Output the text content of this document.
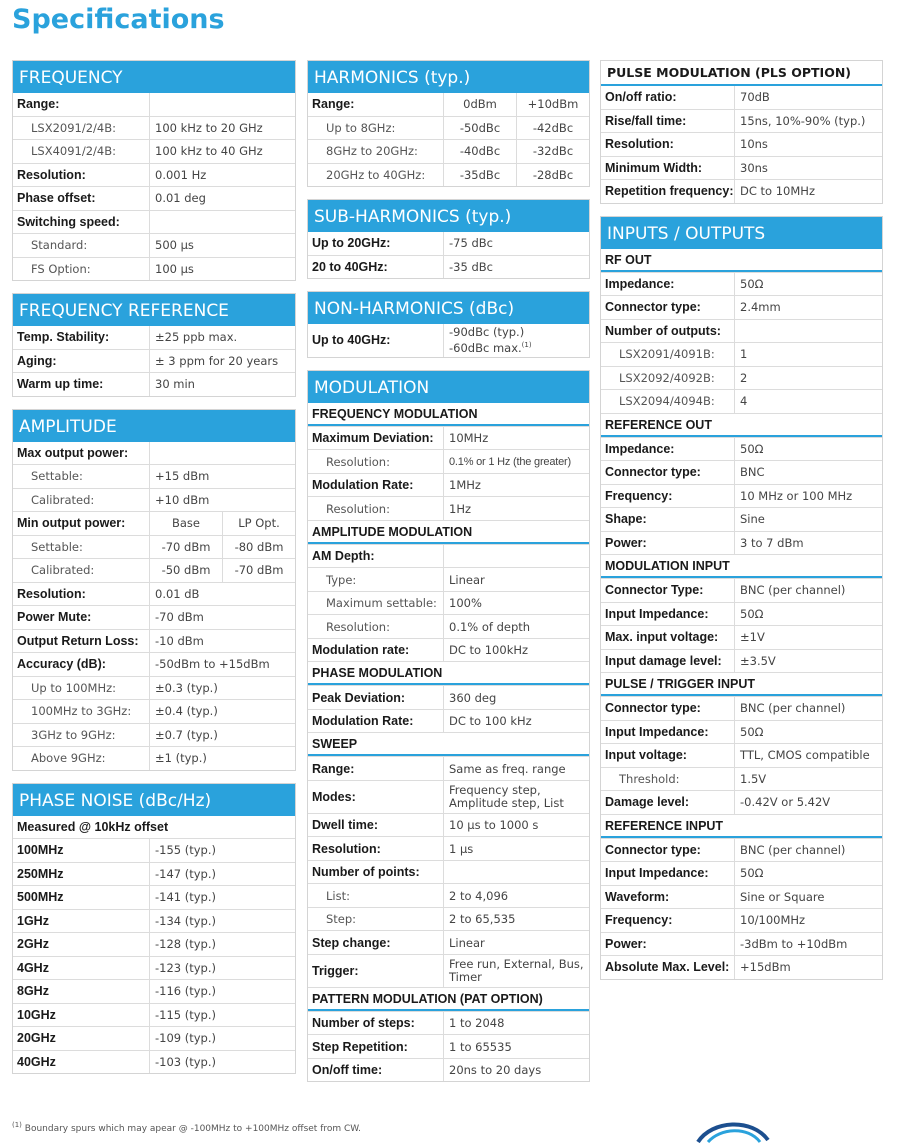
Specifications
FREQUENCY
Range:
LSX2091/2/4B:	100 kHz to 20 GHz
LSX4091/2/4B:	100 kHz to 40 GHz
Resolution:	0.001 Hz
Phase offset:	0.01 deg
Switching speed:
Standard:	500 µs
FS Option:	100 µs
FREQUENCY REFERENCE
Temp. Stability:	±25 ppb max.
Aging:	± 3 ppm for 20 years
Warm up time:	30 min
AMPLITUDE
Max output power:
Settable:	+15 dBm
Calibrated:	+10 dBm
Min output power:	Base	LP Opt.
Settable:	-70 dBm	-80 dBm
Calibrated:	-50 dBm	-70 dBm
Resolution:	0.01 dB
Power Mute:	-70 dBm
Output Return Loss:	-10 dBm
Accuracy (dB):	-50dBm to +15dBm
Up to 100MHz:	±0.3 (typ.)
100MHz to 3GHz:	±0.4 (typ.)
3GHz to 9GHz:	±0.7 (typ.)
Above 9GHz:	±1 (typ.)
PHASE NOISE (dBc/Hz)
Measured @ 10kHz offset
100MHz	-155 (typ.)
250MHz	-147 (typ.)
500MHz	-141 (typ.)
1GHz	-134 (typ.)
2GHz	-128 (typ.)
4GHz	-123 (typ.)
8GHz	-116 (typ.)
10GHz	-115 (typ.)
20GHz	-109 (typ.)
40GHz	-103 (typ.)
HARMONICS (typ.)
Range:	0dBm	+10dBm
Up to 8GHz:	-50dBc	-42dBc
8GHz to 20GHz:	-40dBc	-32dBc
20GHz to 40GHz:	-35dBc	-28dBc
SUB-HARMONICS (typ.)
Up to 20GHz:	-75 dBc
20 to 40GHz:	-35 dBc
NON-HARMONICS (dBc)
Up to 40GHz:
-90dBc (typ.)
-60dBc max.$^{(1)}$
MODULATION
FREQUENCY MODULATION
Maximum Deviation:	10MHz
Resolution:	0.1% or 1 Hz (the greater)
Modulation Rate:	1MHz
Resolution:	1Hz
AMPLITUDE MODULATION
AM Depth:
Type:	Linear
Maximum settable:	100%
Resolution:	0.1% of depth
Modulation rate:	DC to 100kHz
PHASE MODULATION
Peak Deviation:	360 deg
Modulation Rate:	DC to 100 kHz
SWEEP
Range:	Same as freq. range
Modes:	Frequency step, Amplitude step, List
Dwell time:	10 µs to 1000 s
Resolution:	1 µs
Number of points:
List:	2 to 4,096
Step:	2 to 65,535
Step change:	Linear
Trigger:	Free run, External, Bus, Timer
PATTERN MODULATION (PAT OPTION)
Number of steps:	1 to 2048
Step Repetition:	1 to 65535
On/off time:	20ns to 20 days
PULSE MODULATION (PLS OPTION)
On/off ratio:	70dB
Rise/fall time:	15ns, 10%-90% (typ.)
Resolution:	10ns
Minimum Width:	30ns
Repetition frequency: DC to 10MHz
INPUTS / OUTPUTS
RF OUT
Impedance:	50Ω
Connector type:	2.4mm
Number of outputs:
LSX2091/4091B:	1
LSX2092/4092B:	2
LSX2094/4094B:	4
REFERENCE OUT
Impedance:	50Ω
Connector type:	BNC
Frequency:	10 MHz or 100 MHz
Shape:	Sine
Power:	3 to 7 dBm
MODULATION INPUT
Connector Type:	BNC (per channel)
Input Impedance:	50Ω
Max. input voltage:	±1V
Input damage level:	±3.5V
PULSE / TRIGGER INPUT
Connector type:	BNC (per channel)
Input Impedance:	50Ω
Input voltage:	TTL, CMOS compatible
Threshold:	1.5V
Damage level:	-0.42V or 5.42V
REFERENCE INPUT
Connector type:	BNC (per channel)
Input Impedance:	50Ω
Waveform:	Sine or Square
Frequency:	10/100MHz
Power:	-3dBm to +10dBm
Absolute Max. Level: +15dBm
$^{(1)}$ Boundary spurs which may apear @ -100MHz to +100MHz offset from CW.
